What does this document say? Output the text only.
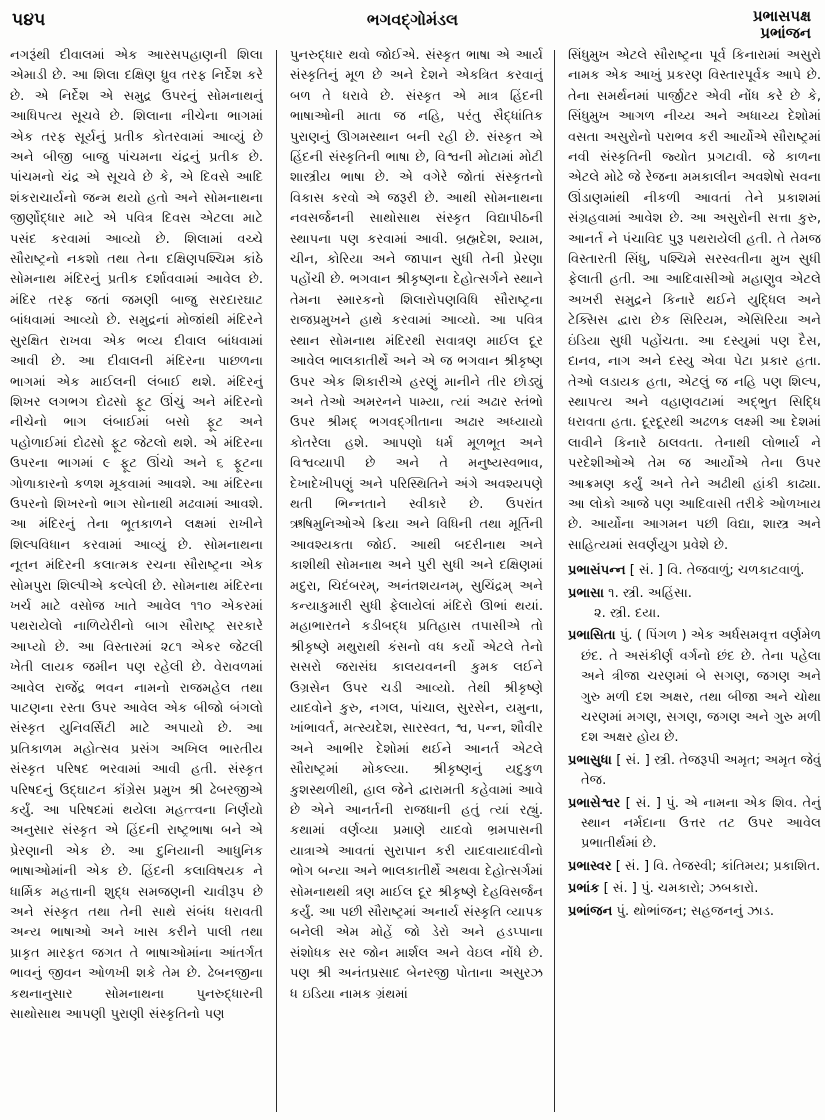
૫૪૫	ભગવદ્ગોમંડલ	પ્રભાસપક્ષ
પ્રભાંજન

નગરૂંથી દીવાલમાં એક આરસપહાણની શિલા એમાડી છે. આ શિલા દક્ષિણ ધ્રુવ તરફ નિર્દેશ કરે છે. એ નિર્દેશ એ સમુદ્ર ઉપરનું સોમનાથનું આધિપત્ય સૂચવે છે. શિલાના નીચેના ભાગમાં એક તરફ સૂર્યનું પ્રતીક કોતરવામાં આવ્યું છે અને બીજી બાજુ પાંચમના ચંદ્રનું પ્રતીક છે. પાંચમનો ચંદ્ર એ સૂચવે છે કે, એ દિવસે આદિ શંકરાચાર્યનો જન્મ થયો હતો અને સોમનાથના જીર્ણોદ્ધાર માટે એ પવિત્ર દિવસ એટલા માટે પસંદ કરવામાં આવ્યો છે. શિલામાં વચ્ચે સૌરાષ્ટ્રનો નકશો તથા તેના દક્ષિણપશ્ચિમ કાંઠે સોમનાથ મંદિરનું પ્રતીક દર્શાવવામાં આવેલ છે. મંદિર તરફ જતાં જમણી બાજુ સરદારઘાટ બાંધવામાં આવ્યો છે. સમુદ્રનાં મોજાંથી મંદિરને સુરક્ષિત રાખવા એક ભવ્ય દીવાલ બાંધવામાં આવી છે. આ દીવાલની મંદિરના પાછળના ભાગમાં એક માઈલની લંબાઈ થશે. મંદિરનું શિખર લગભગ દોઢસો ફૂટ ઊંચું અને મંદિરનો નીચેનો ભાગ લંબાઈમાં બસો ફૂટ અને પહોળાઈમાં દોઢસો ફૂટ જેટલો થશે. એ મંદિરના ઉપરના ભાગમાં ૯ ફૂટ ઊંચો અને ૬ ફૂટના ગોળાકારનો કળશ મૂકવામાં આવશે. આ મંદિરના ઉપરનો શિખરનો ભાગ સોનાથી મઢવામાં આવશે. આ મંદિરનું તેના ભૂતકાળને લક્ષમાં રાખીને શિલ્પવિધાન કરવામાં આવ્યું છે. સોમનાથના નૂતન મંદિરની કલાત્મક રચના સૌરાષ્ટ્રના એક સોમપુરા શિલ્પીએ કલ્પેલી છે. સોમનાથ મંદિરના ખર્ચ માટે વસોજ ખાતે આવેલ ૧૧૦ એકરમાં પથરાયેલો નાળિયેરીનો બાગ સૌરાષ્ટ્ર સરકારે આપ્યો છે. આ વિસ્તારમાં ૨૮૧ એકર જેટલી ખેતી લાયક જમીન પણ રહેલી છે. વેરાવળમાં આવેલ રાજેંદ્ર ભવન નામનો રાજમહેલ તથા પાટણના રસ્તા ઉપર આવેલ એક બીજો બંગલો સંસ્કૃત યુનિવર્સિટી માટે અપાયો છે. આ પ્રતિકાળમ મહોત્સવ પ્રસંગ અખિલ ભારતીય સંસ્કૃત પરિષદ ભરવામાં આવી હતી. સંસ્કૃત પરિષદનું ઉદ્ઘાટન કૉંગ્રેસ પ્રમુખ શ્રી ઢેબરજીએ કર્યું. આ પરિષદમાં થયેલા મહત્ત્વના નિર્ણયો અનુસાર સંસ્કૃત એ હિંદની રાષ્ટ્રભાષા બને એ પ્રેરણાની એક છે. આ દુનિયાની આધુનિક ભાષાઓમાંની એક છે. હિંદની કલાવિષયક ને ધાર્મિક મહત્તાની શુદ્ધ સમજણની ચાવીરૂપ છે અને સંસ્કૃત તથા તેની સાથે સંબંધ ધરાવતી અન્ય ભાષાઓ અને ખાસ કરીને પાલી તથા પ્રાકૃત મારફત જગત તે ભાષાઓમાંના આંતર્ગત ભાવનું જીવન ઓળખી શકે તેમ છે. ઢેબનજીના કથનાનુસાર સોમનાથના પુનરુદ્ધારની સાથોસાથ આપણી પુરાણી સંસ્કૃતિનો પણ

પુનરુદ્ધાર થવો જોઈએ. સંસ્કૃત ભાષા એ આર્ય સંસ્કૃતિનું મૂળ છે અને દેશને એકત્રિત કરવાનું બળ તે ધરાવે છે. સંસ્કૃત એ માત્ર હિંદની ભાષાઓની માતા જ નહિ, પરંતુ સૈદ્ધાંતિક પુરાણનું ઊગમસ્થાન બની રહી છે. સંસ્કૃત એ હિંદની સંસ્કૃતિની ભાષા છે, વિશ્વની મોટામાં મોટી શાસ્ત્રીય ભાષા છે. એ વગેરે જોતાં સંસ્કૃતનો વિકાસ કરવો એ જરૂરી છે. આથી સોમનાથના નવસર્જનની સાથોસાથ સંસ્કૃત વિદ્યાપીઠની સ્થાપના પણ કરવામાં આવી. બ્રહ્મદેશ, શ્યામ, ચીન, કોરિયા અને જાપાન સુધી તેની પ્રેરણા પહોંચી છે. ભગવાન શ્રીકૃષ્ણના દેહોત્સર્ગને સ્થાને તેમના સ્મારકનો શિલારોપણવિધિ સૌરાષ્ટ્રના રાજપ્રમુખને હાથે કરવામાં આવ્યો. આ પવિત્ર સ્થાન સોમનાથ મંદિરથી સવાત્રણ માઈલ દૂર આવેલ ભાલકાતીર્થે અને એ જ ભગવાન શ્રીકૃષ્ણ ઉપર એક શિકારીએ હરણું માનીને તીર છોડ્યું અને તેઓ અમરનને પામ્યા, ત્યાં અઢાર સ્તંભો ઉપર શ્રીમદ્ ભગવદ્ગીતાના અઢાર અધ્યાયો કોતરેલા હશે. આપણો ધર્મ મૂળભૂત અને વિશ્વવ્યાપી છે અને તે મનુષ્યસ્વભાવ, દેખાદેખીપણું અને પરિસ્થિતિને અંગે અવશ્યપણે થતી ભિન્નતાને સ્વીકારે છે. ઉપરાંત ઋષિમુનિઓએ ક્રિયા અને વિધિની તથા મૂર્તિની આવશ્યકતા જોઈ. આથી બદરીનાથ અને કાશીથી સોમનાથ અને પુરી સુધી અને દક્ષિણમાં મદુરા, ચિદંબરમ્, અનંતશયનમ્, સુચિંદ્રમ્ અને કન્યાકુમારી સુધી ફેલાયેલાં મંદિરો ઊભાં થયાં. મહાભારતને કડીબદ્ધ પ્રતિહાસ તપાસીએ તો શ્રીકૃષ્ણે મથુરાથી કંસનો વધ કર્યો એટલે તેનો સસરો જરાસંઘ કાલયવનની કુમક લઈને ઉગ્રસેન ઉપર ચડી આવ્યો. તેથી શ્રીકૃષ્ણે યાદવોને કુરુ, નગલ, પાંચાલ, સુરસેન, યમુના, ખાંભાવર્ત, મત્સ્યદેશ, સારસ્વત, શ્વ, પન્ન, શૌવીર અને આભીર દેશોમાં થઈને આનર્ત એટલે સૌરાષ્ટ્રમાં મોકલ્યા. શ્રીકૃષ્ણનું યદુકુળ કુશસ્થળીથી, હાલ જેને દ્વારામતી કહેવામાં આવે છે એને આનર્તની રાજધાની હતું ત્યાં રહ્યું. કથામાં વર્ણવ્યા પ્રમાણે યાદવો ભ્રમપાસની યાત્રાએ આવતાં સુરાપાન કરી યાદવાયાદવીનો ભોગ બન્યા અને ભાલકાતીર્થે અથવા દેહોત્સર્ગમાં સોમનાથથી ત્રણ માઈલ દૂર શ્રીકૃષ્ણે દેહવિસર્જન કર્યું. આ પછી સૌરાષ્ટ્રમાં અનાર્ય સંસ્કૃતિ વ્યાપક બનેલી એમ મોહેં જો ડેરો અને હડપ્પાના સંશોધક સર જોન માર્શલ અને વેઇલ નોંધે છે. પણ શ્રી અનંતપ્રસાદ બેનરજી પોતાના અસુરઝ ધ ઇડિયા નામક ગ્રંથમાં

સિંધુમુખ એટલે સૌરાષ્ટ્રના પૂર્વ કિનારામાં અસુરો નામક એક આખું પ્રકરણ વિસ્તારપૂર્વક આપે છે. તેના સમર્થનમાં પાર્જીટર એવી નોંધ કરે છે કે, સિંધુમુખ આગળ નીચ્ય અને અધાચ્ય દેશોમાં વસતા અસુરોનો પરાભવ કરી આર્યોએ સૌરાષ્ટ્રમાં નવી સંસ્કૃતિની જ્યોત પ્રગટાવી. જે કાળના એટલે મોઢે જે રેજના મમકાલીન અવશેષો સવના ઊંડાણમાંથી નીકળી આવતાં તેને પ્રકાશમાં સંગ્રહવામાં આવેશ છે. આ અસુરોની સત્તા કુરુ, આનર્ત ને પંચાવિદ પુરૂ પથરાયેલી હતી. તે તેમજ વિસ્તારતી સિંધુ, પશ્ચિમે સરસ્વતીના મુખ સુધી ફેલાતી હતી. આ આદિવાસીઓ મહાણુવ એટલે અખરી સમુદ્રને કિનારે થઈને યુદ્ધિલ અને ટેક્સિસ દ્વારા છેક સિરિયમ, એસિરિયા અને ઇંડિયા સુધી પહોંચતા. આ દસ્યુમાં પણ દૈસ, દાનવ, નાગ અને દસ્યુ એવા પેટા પ્રકાર હતા. તેઓ લડાયક હતા, એટલું જ નહિ પણ શિલ્પ, સ્થાપત્ય અને વહાણવટામાં અદ્ભુત સિદ્ધિ ધરાવતા હતા. દૂરદૂરથી અઢળક લક્ષ્મી આ દેશમાં લાવીને કિનારે ઠાલવતા. તેનાથી લોભાર્ય ને પરદેશીઓએ તેમ જ આર્યોએ તેના ઉપર આક્રમણ કર્યું અને તેને અઢીથી હાંકી કાઢ્યા. આ લોકો આજે પણ આદિવાસી તરીકે ઓળખાય છે. આર્યોના આગમન પછી વિદ્યા, શાસ્ત્ર અને સાહિત્યમાં સવર્ણયુગ પ્રવેશે છે.

પ્રભાસંપન્ન [ સં. ] વિ. તેજવાળું; ચળકાટવાળું.
પ્રભાસા ૧. સ્ત્રી. અહિંસા.
૨. સ્ત્રી. દયા.
પ્રભાસિતા પું. ( પિંગળ ) એક અર્ધસમવૃત્ત વર્ણમેળ છંદ. તે અસંકીર્ણ વર્ગનો છંદ છે. તેના પહેલા અને ત્રીજા ચરણમાં બે સગણ, જગણ અને ગુરુ મળી દશ અક્ષર, તથા બીજા અને ચોથા ચરણમાં મગણ, સગણ, જગણ અને ગુરુ મળી દશ અક્ષર હોય છે.
પ્રભાસુધા [ સં. ] સ્ત્રી. તેજરૂપી અમૃત; અમૃત જેવું તેજ.
પ્રભાસેશ્વર [ સં. ] પું. એ નામના એક શિવ. તેનું સ્થાન નર્મદાના ઉત્તર તટ ઉપર આવેલ પ્રભાતીર્થમાં છે.
પ્રભાસ્વર [ સં. ] વિ. તેજસ્વી; કાંતિમય; પ્રકાશિત.
પ્રભાંક [ સં. ] પું. ચમકારો; ઝબકારો.
પ્રભાંજન પું. થોભાંજન; સહજનનું ઝાડ.
